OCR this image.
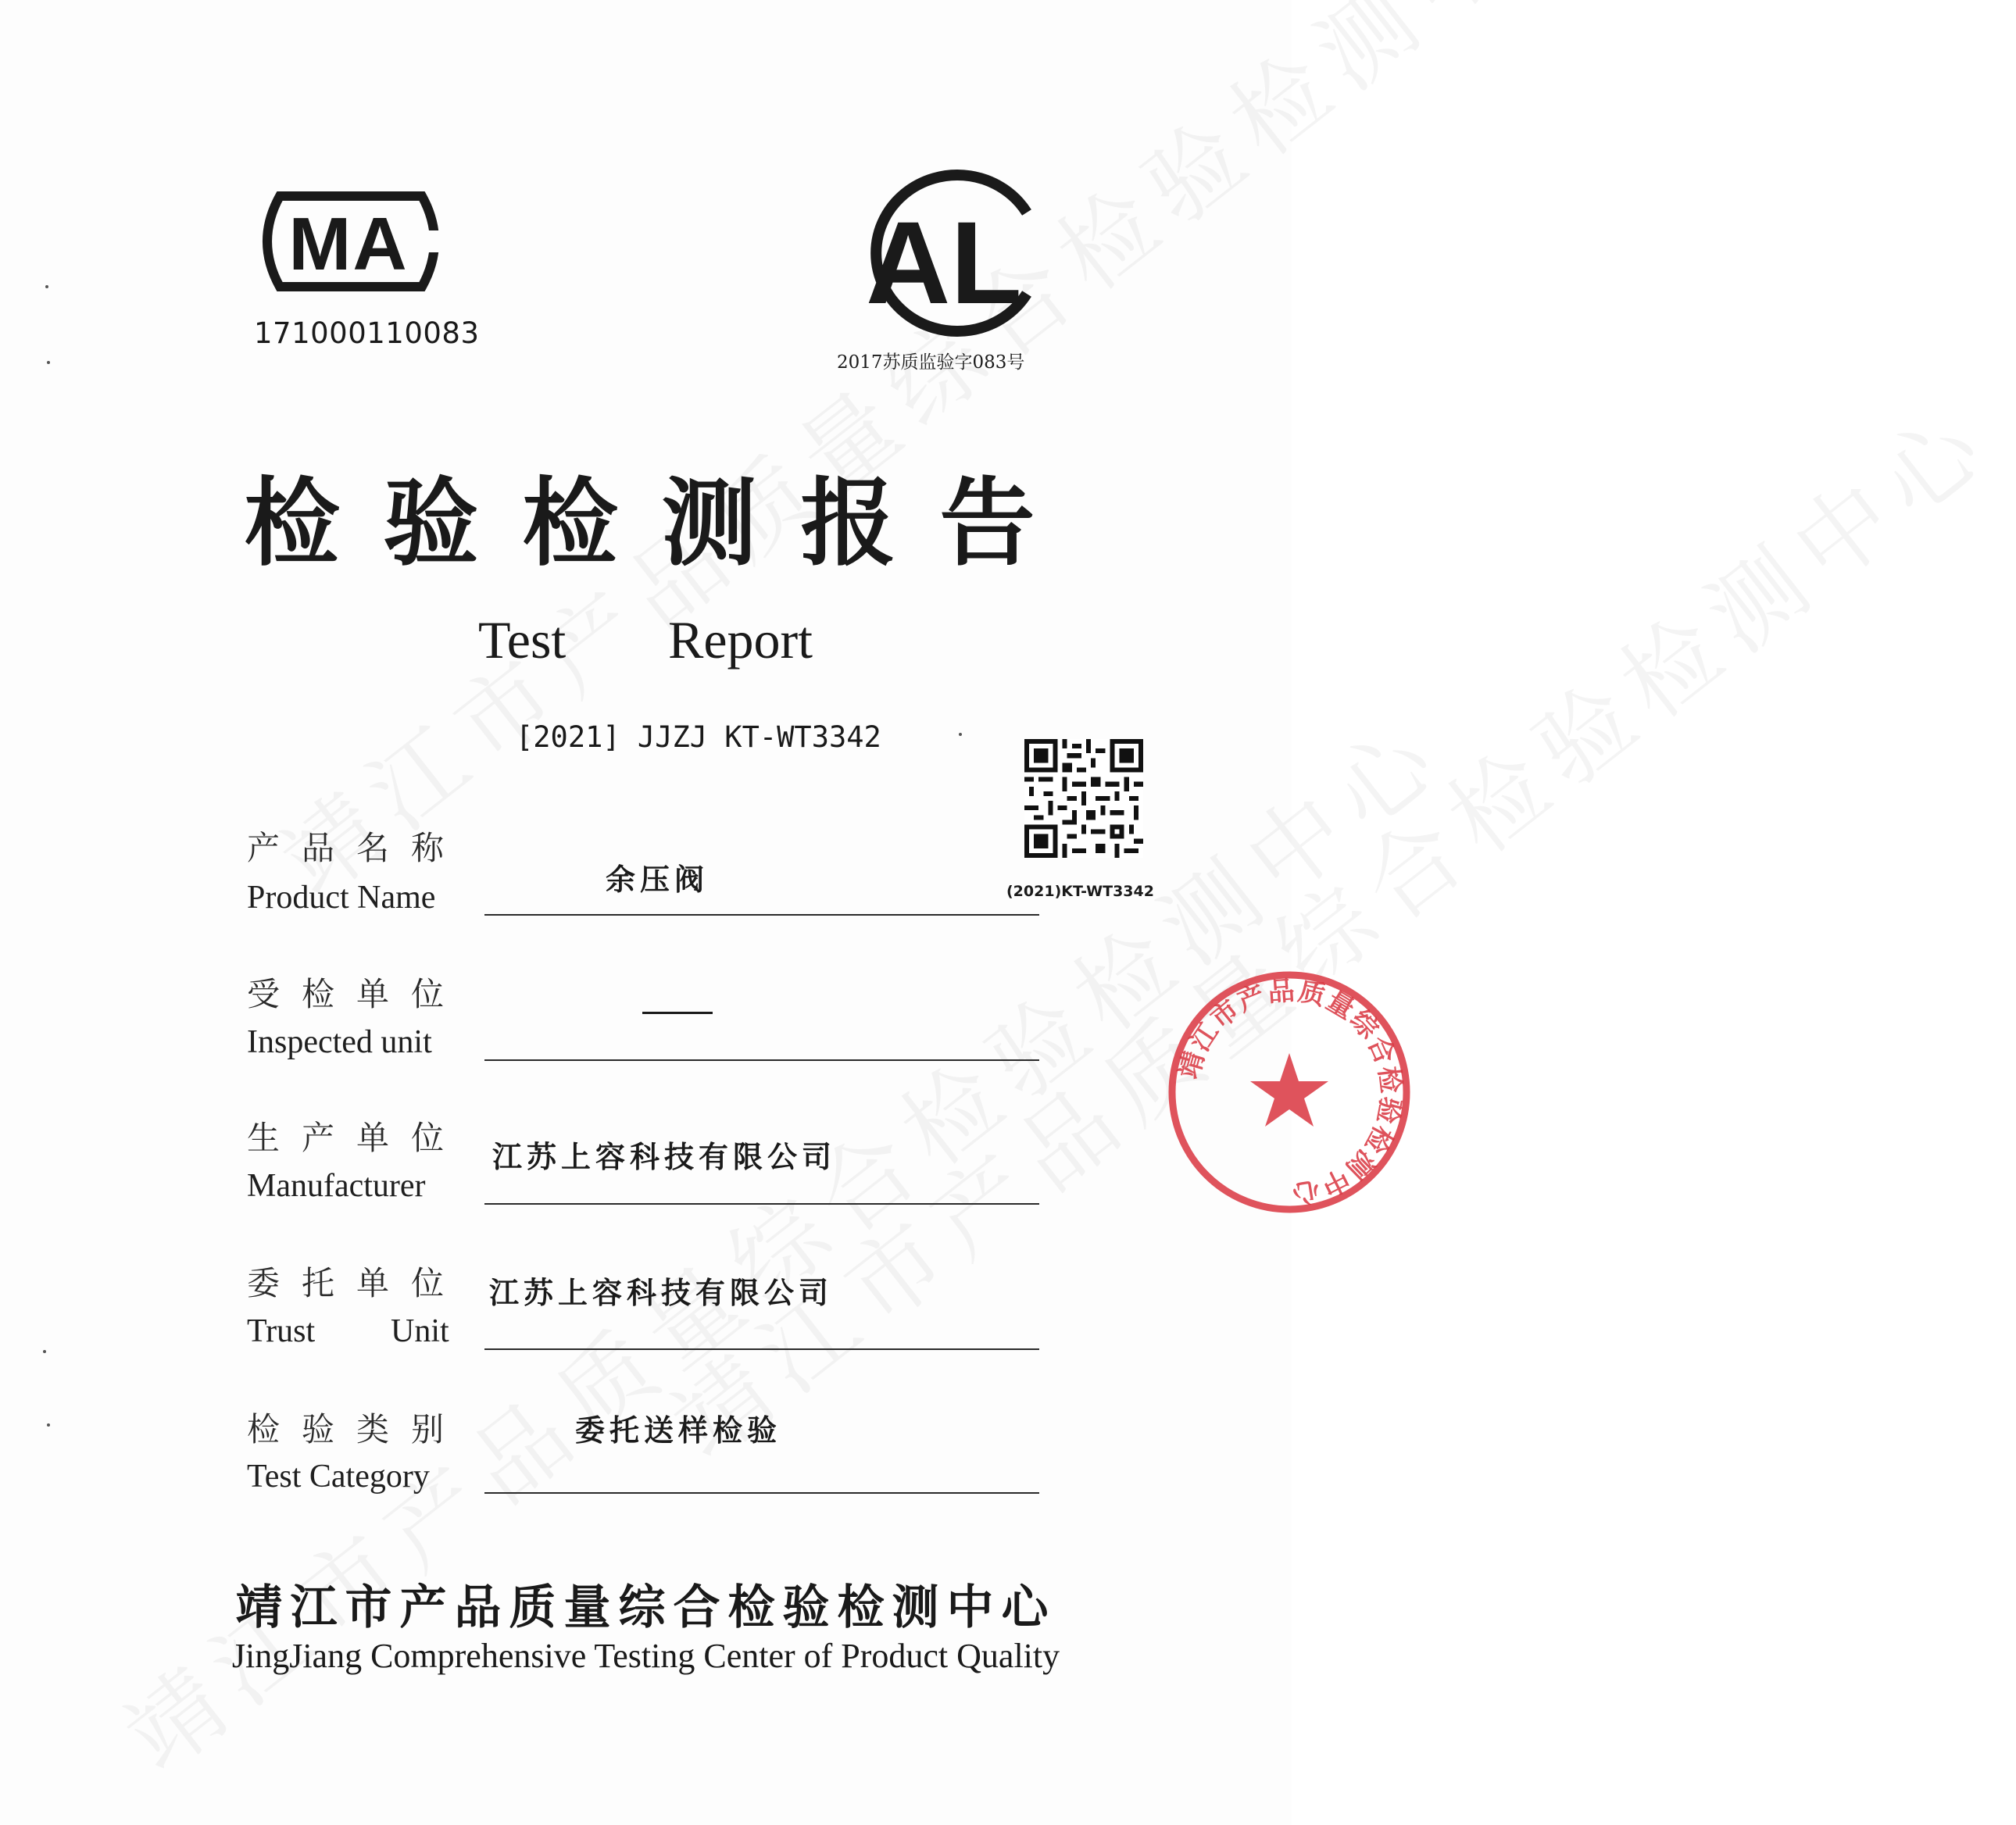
MA
171000110083
AL
2017苏质监验字083号
检验检测报告
Test Report
[2021] JJZJ KT-WT3342
(2021)KT-WT3342
产品名称
Product Name
余压阀
受检单位
Inspected unit
生产单位
Manufacturer
江苏上容科技有限公司
委托单位
Trust Unit
江苏上容科技有限公司
检验类别
Test Category
委托送样检验
靖江市产品质量综合检验检测中心
靖江市产品质量综合检验检测中心
JingJiang Comprehensive Testing Center of Product Quality
